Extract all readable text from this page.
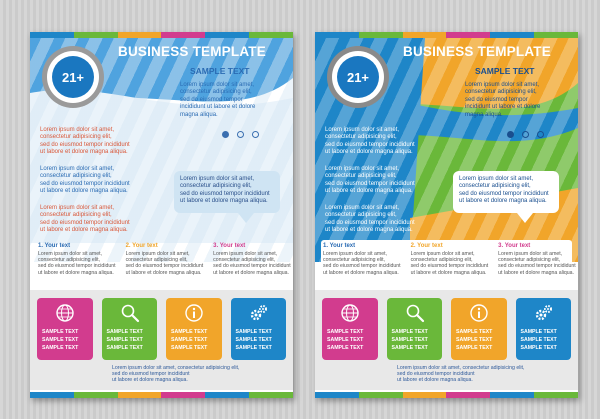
21+
BUSINESS TEMPLATE
SAMPLE TEXT
Lorem ipsum dolor sit amet,
consectetur adipisicing elit,
sed do eiusmod tempor
incididunt ut labore et dolore
magna aliqua.
Lorem ipsum dolor sit amet,
consectetur adipisicing elit,
sed do eiusmod tempor incididunt
ut labore et dolore magna aliqua.
Lorem ipsum dolor sit amet,
consectetur adipisicing elit,
sed do eiusmod tempor incididunt
ut labore et dolore magna aliqua.
Lorem ipsum dolor sit amet,
consectetur adipisicing elit,
sed do eiusmod tempor incididunt
ut labore et dolore magna aliqua.
Lorem ipsum dolor sit amet,
consectetur adipisicing elit,
sed do eiusmod tempor incididunt
ut labore et dolore magna aliqua.
1. Your text
Lorem ipsum dolor sit amet,
consectetur adipisicing elit,
sed do eiusmod tempor incididunt
ut labore et dolore magna aliqua.
2. Your text
Lorem ipsum dolor sit amet,
consectetur adipisicing elit,
sed do eiusmod tempor incididunt
ut labore et dolore magna aliqua.
3. Your text
Lorem ipsum dolor sit amet,
consectetur adipisicing elit,
sed do eiusmod tempor incididunt
ut labore et dolore magna aliqua.
SAMPLE TEXT
SAMPLE TEXT
SAMPLE TEXT
SAMPLE TEXT
SAMPLE TEXT
SAMPLE TEXT
SAMPLE TEXT
SAMPLE TEXT
SAMPLE TEXT
SAMPLE TEXT
SAMPLE TEXT
SAMPLE TEXT
Lorem ipsum dolor sit amet, consectetur adipisicing elit,
sed do eiusmod tempor incididunt
ut labore et dolore magna aliqua.
21+
BUSINESS TEMPLATE
SAMPLE TEXT
Lorem ipsum dolor sit amet,
consectetur adipisicing elit,
sed do eiusmod tempor
incididunt ut labore et dolore
magna aliqua.
Lorem ipsum dolor sit amet,
consectetur adipisicing elit,
sed do eiusmod tempor incididunt
ut labore et dolore magna aliqua.
Lorem ipsum dolor sit amet,
consectetur adipisicing elit,
sed do eiusmod tempor incididunt
ut labore et dolore magna aliqua.
Lorem ipsum dolor sit amet,
consectetur adipisicing elit,
sed do eiusmod tempor incididunt
ut labore et dolore magna aliqua.
Lorem ipsum dolor sit amet,
consectetur adipisicing elit,
sed do eiusmod tempor incididunt
ut labore et dolore magna aliqua.
1. Your text
Lorem ipsum dolor sit amet,
consectetur adipisicing elit,
sed do eiusmod tempor incididunt
ut labore et dolore magna aliqua.
2. Your text
Lorem ipsum dolor sit amet,
consectetur adipisicing elit,
sed do eiusmod tempor incididunt
ut labore et dolore magna aliqua.
3. Your text
Lorem ipsum dolor sit amet,
consectetur adipisicing elit,
sed do eiusmod tempor incididunt
ut labore et dolore magna aliqua.
SAMPLE TEXT
SAMPLE TEXT
SAMPLE TEXT
SAMPLE TEXT
SAMPLE TEXT
SAMPLE TEXT
SAMPLE TEXT
SAMPLE TEXT
SAMPLE TEXT
SAMPLE TEXT
SAMPLE TEXT
SAMPLE TEXT
Lorem ipsum dolor sit amet, consectetur adipisicing elit,
sed do eiusmod tempor incididunt
ut labore et dolore magna aliqua.
